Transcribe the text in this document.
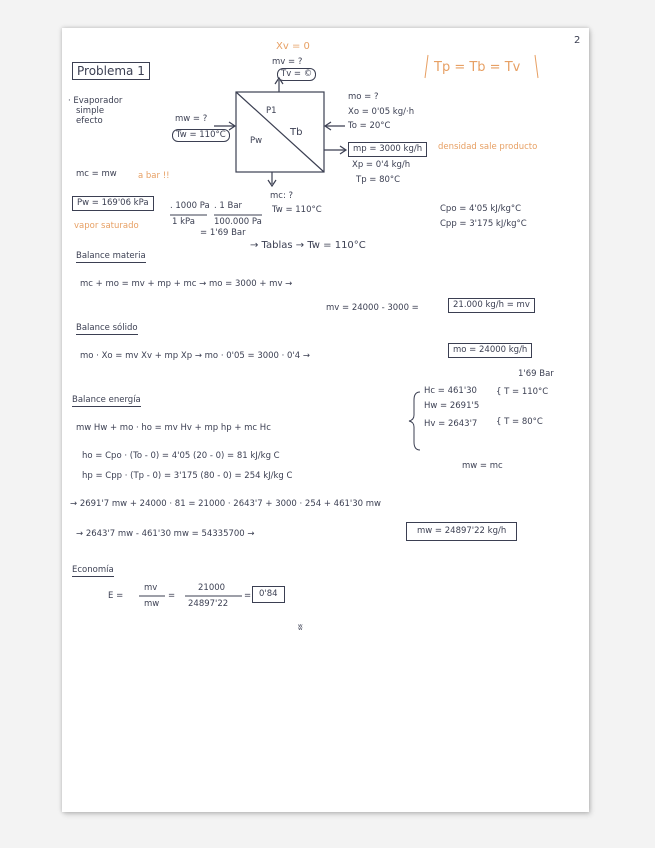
ʬ
2
Xv = 0
mv = ?
Tv = ©	Tp = Tb = Tv
Problema 1
· Evaporador
simple
efecto
P1
Tb
Pw
mw = ?
Tw = 110°C
mo = ?
Xo = 0'05 kg/·h
To = 20°C
mp = 3000 kg/h	densidad sale producto
Xp = 0'4 kg/h
Tp = 80°C
a bar !!
mc = mw
mc: ?
Tw = 110°C
Pw = 169'06 kPa
vapor saturado
. 1000 Pa
1 kPa
. 1 Bar
100.000 Pa
= 1'69 Bar
→ Tablas → Tw = 110°C
Cpo = 4'05 kJ/kg°C
Cpp = 3'175 kJ/kg°C
Balance materia
mc + mo = mv + mp + mc → mo = 3000 + mv →
mv = 24000 - 3000 =	21.000 kg/h = mv
Balance sólido
mo · Xo = mv Xv + mp Xp → mo · 0'05 = 3000 · 0'4 →
mo = 24000 kg/h
1'69 Bar
Balance energía
mw Hw + mo · ho = mv Hv + mp hp + mc Hc
Hc = 461'30
Hw = 2691'5
Hv = 2643'7
{ T = 110°C
{ T = 80°C
ho = Cpo · (To - 0) = 4'05 (20 - 0) = 81 kJ/kg C
hp = Cpp · (Tp - 0) = 3'175 (80 - 0) = 254 kJ/kg C
mw = mc
→ 2691'7 mw + 24000 · 81 = 21000 · 2643'7 + 3000 · 254 + 461'30 mw
→ 2643'7 mw - 461'30 mw = 54335700 →	mw = 24897'22 kg/h
Economía
E =
mv
mw
=
21000
24897'22
= 0'84
